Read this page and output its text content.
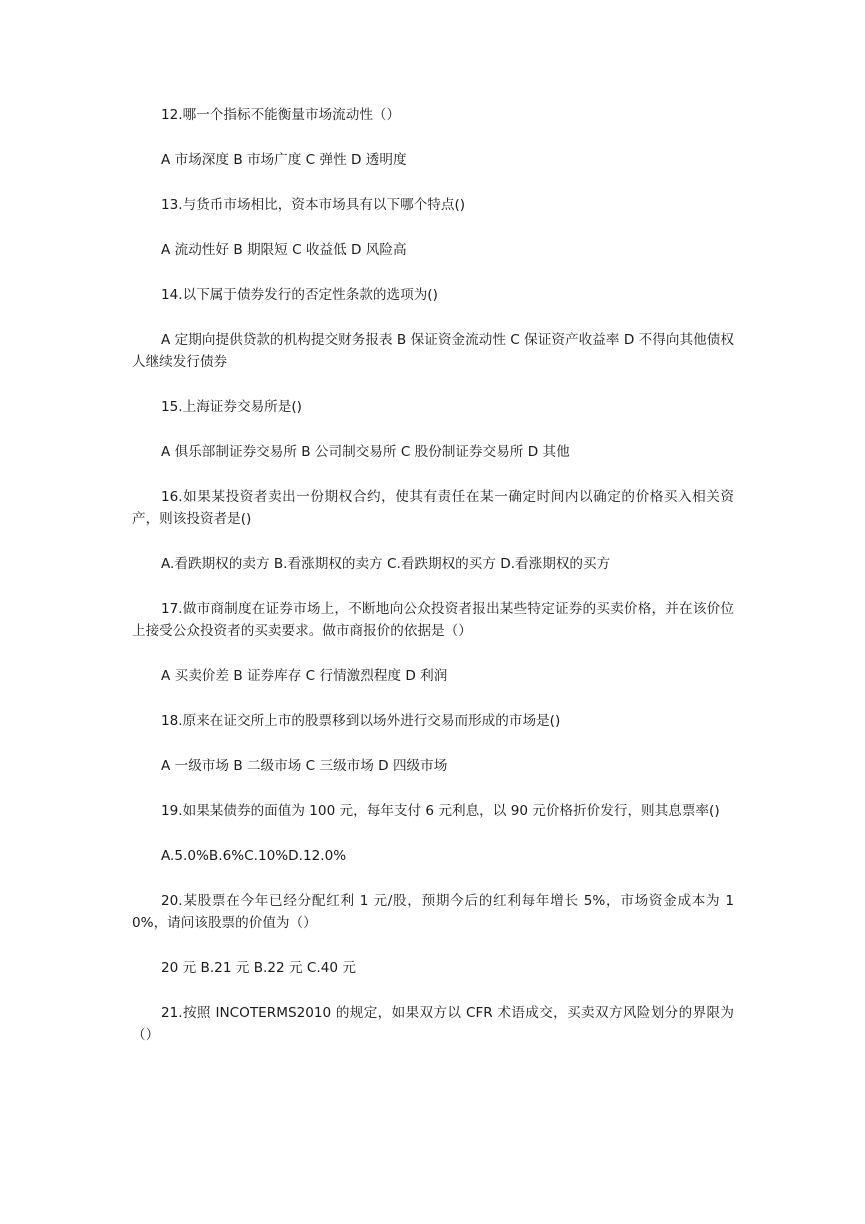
12.哪一个指标不能衡量市场流动性（）

A 市场深度 B 市场广度 C 弹性 D 透明度

13.与货币市场相比，资本市场具有以下哪个特点()

A 流动性好 B 期限短 C 收益低 D 风险高

14.以下属于债券发行的否定性条款的选项为()

A 定期向提供贷款的机构提交财务报表 B 保证资金流动性 C 保证资产收益率 D 不得向其他债权人继续发行债券

15.上海证券交易所是()

A 俱乐部制证券交易所 B 公司制交易所 C 股份制证券交易所 D 其他

16.如果某投资者卖出一份期权合约，使其有责任在某一确定时间内以确定的价格买入相关资产，则该投资者是()

A.看跌期权的卖方 B.看涨期权的卖方 C.看跌期权的买方 D.看涨期权的买方

17.做市商制度在证券市场上，不断地向公众投资者报出某些特定证券的买卖价格，并在该价位上接受公众投资者的买卖要求。做市商报价的依据是（）

A 买卖价差 B 证券库存 C 行情激烈程度 D 利润

18.原来在证交所上市的股票移到以场外进行交易而形成的市场是()

A 一级市场 B 二级市场 C 三级市场 D 四级市场

19.如果某债券的面值为 100 元，每年支付 6 元利息，以 90 元价格折价发行，则其息票率()

A.5.0%B.6%C.10%D.12.0%

20.某股票在今年已经分配红利 1 元/股，预期今后的红利每年增长 5%，市场资金成本为 10%，请问该股票的价值为（）

20 元 B.21 元 B.22 元 C.40 元

21.按照 INCOTERMS2010 的规定，如果双方以 CFR 术语成交，买卖双方风险划分的界限为（）
